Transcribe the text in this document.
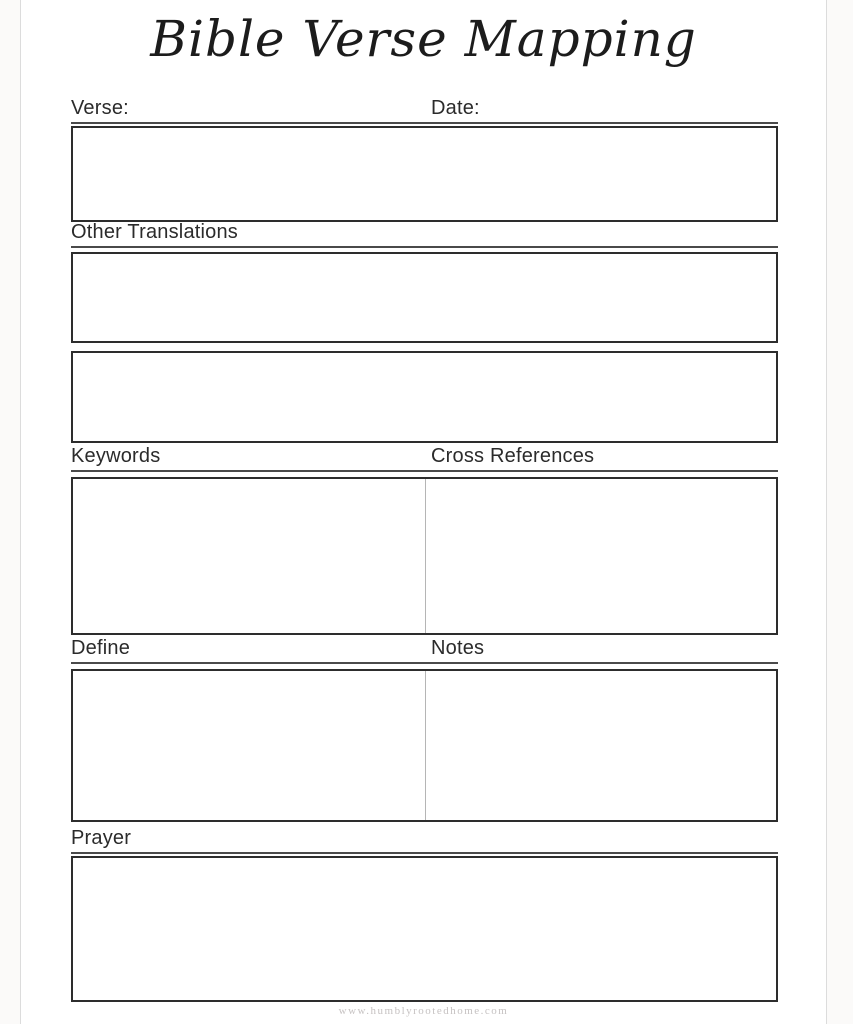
Bible Verse Mapping
Verse:	Date:
Other Translations
Keywords	Cross References
Define	Notes
Prayer
www.humblyrootedhome.com
